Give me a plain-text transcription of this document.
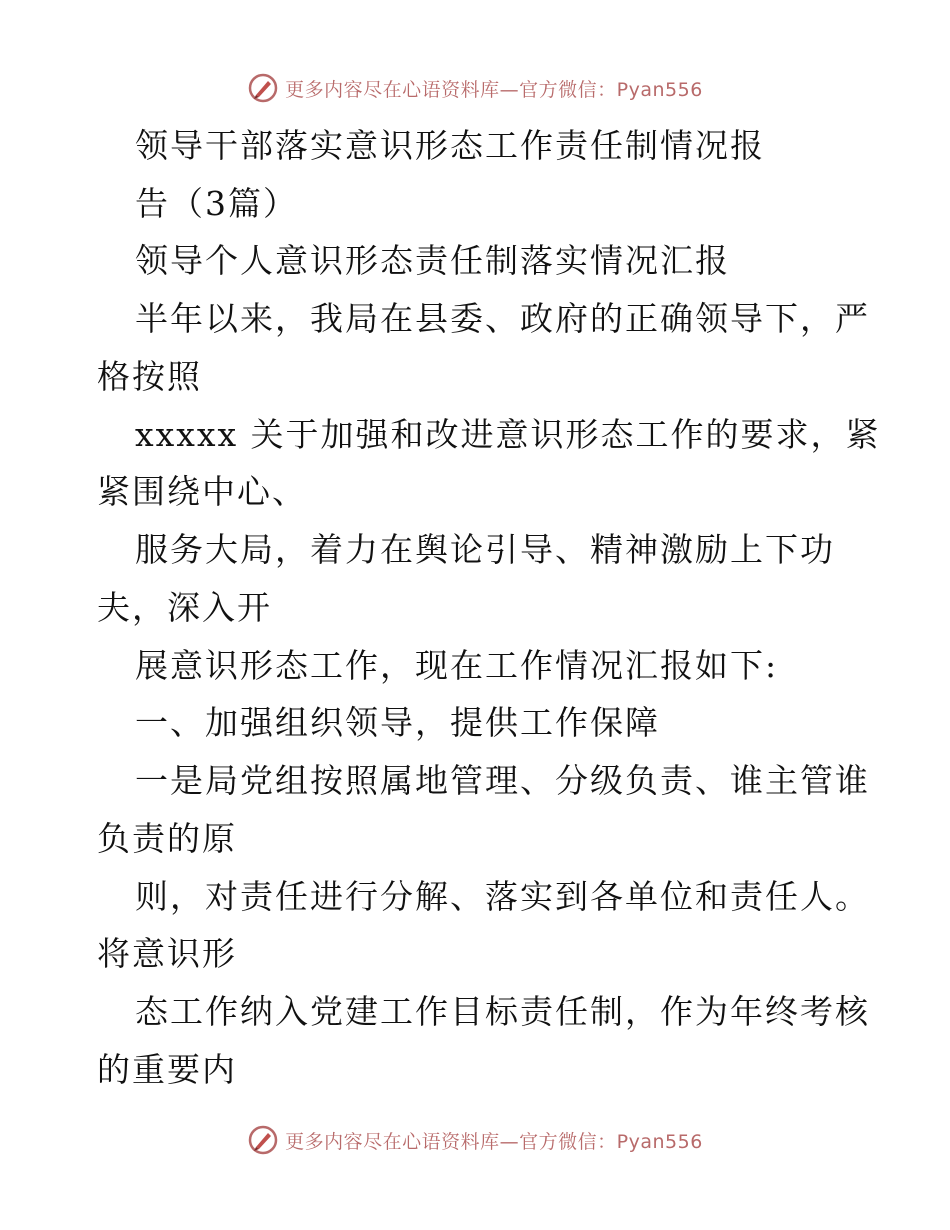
更多内容尽在心语资料库—官方微信：Pyan556
领导干部落实意识形态工作责任制情况报
告（3篇）
领导个人意识形态责任制落实情况汇报
半年以来，我局在县委、政府的正确领导下，严
格按照
xxxxx 关于加强和改进意识形态工作的要求，紧
紧围绕中心、
服务大局，着力在舆论引导、精神激励上下功
夫，深入开
展意识形态工作，现在工作情况汇报如下:
一、加强组织领导，提供工作保障
一是局党组按照属地管理、分级负责、谁主管谁
负责的原
则，对责任进行分解、落实到各单位和责任人。
将意识形
态工作纳入党建工作目标责任制，作为年终考核
的重要内
更多内容尽在心语资料库—官方微信：Pyan556
